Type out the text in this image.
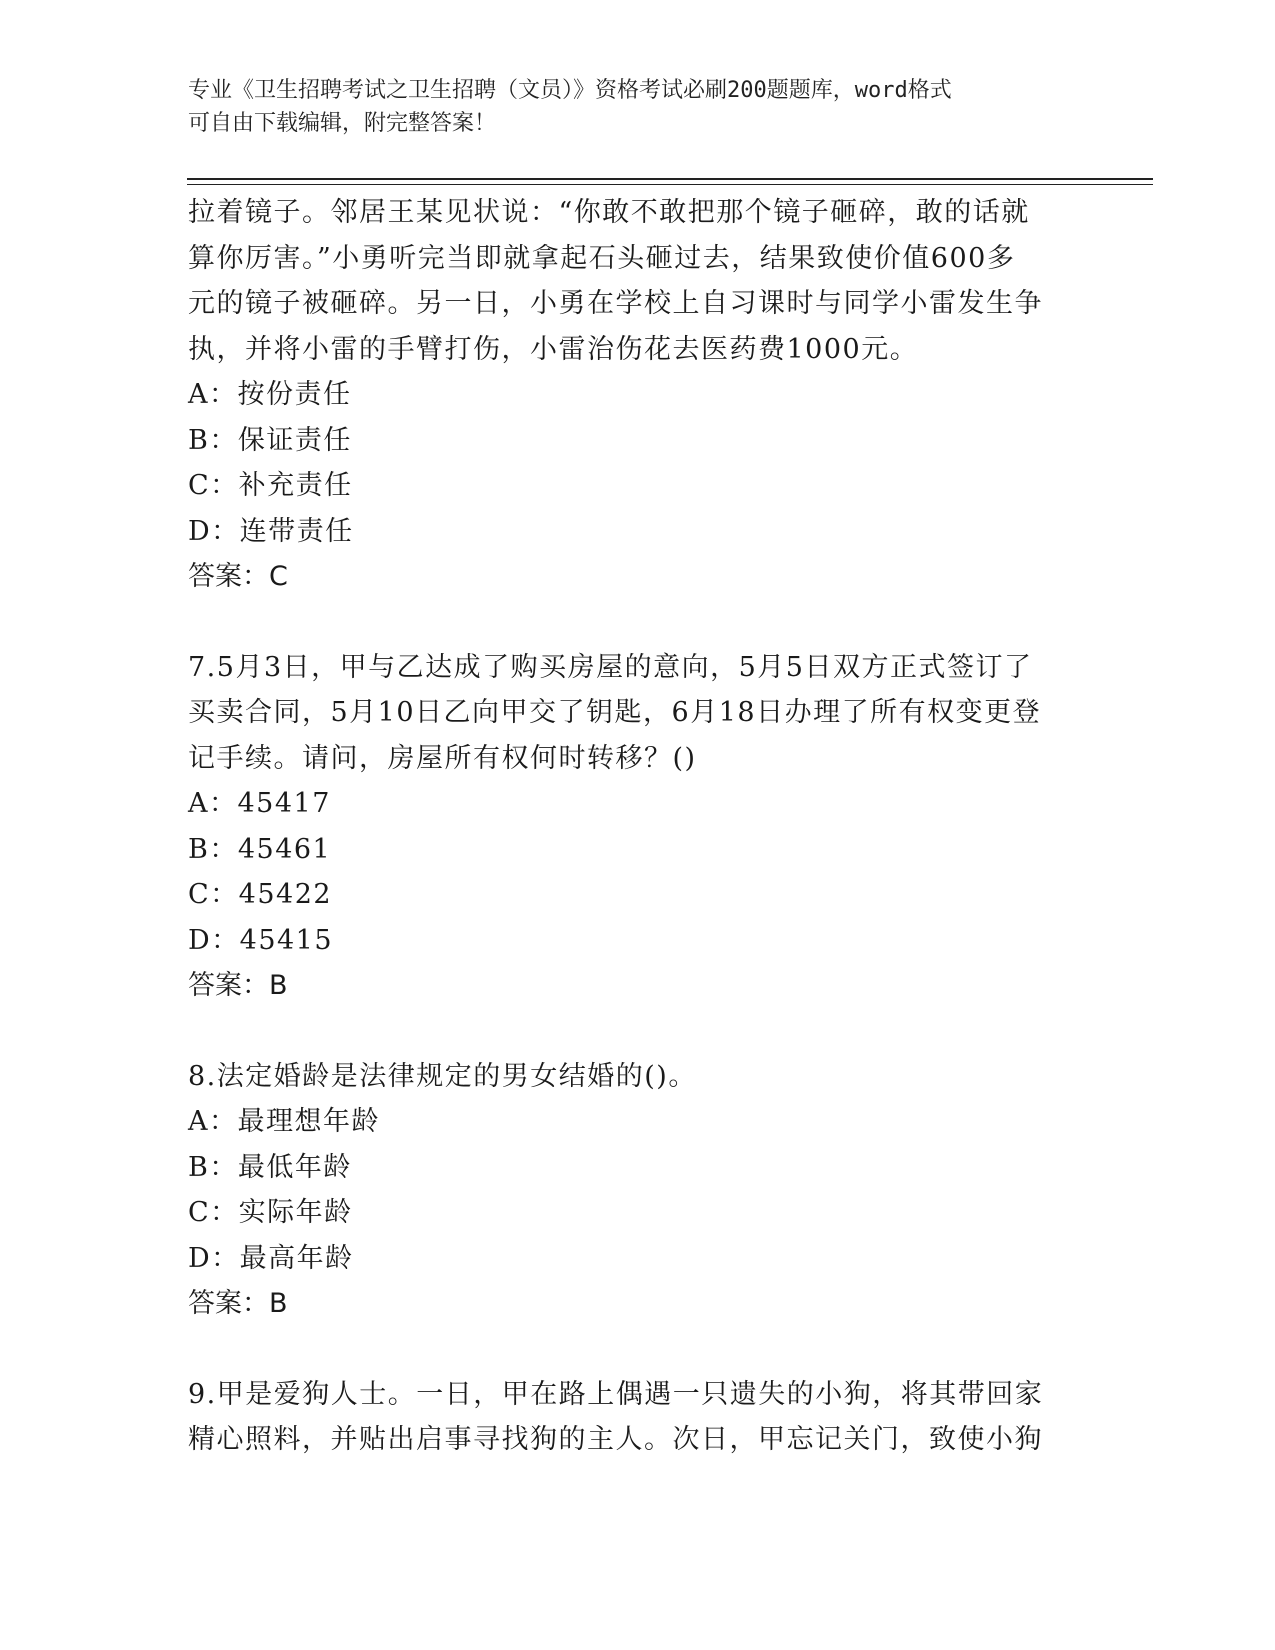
专业《卫生招聘考试之卫生招聘（文员）》资格考试必刷200题题库，word格式
可自由下载编辑，附完整答案！

拉着镜子。邻居王某见状说：“你敢不敢把那个镜子砸碎，敢的话就

算你厉害。”小勇听完当即就拿起石头砸过去，结果致使价值600多

元的镜子被砸碎。另一日，小勇在学校上自习课时与同学小雷发生争

执，并将小雷的手臂打伤，小雷治伤花去医药费1000元。

A：按份责任

B：保证责任

C：补充责任

D：连带责任

答案：C

7.5月3日，甲与乙达成了购买房屋的意向，5月5日双方正式签订了

买卖合同，5月10日乙向甲交了钥匙，6月18日办理了所有权变更登

记手续。请问，房屋所有权何时转移？()

A：45417

B：45461

C：45422

D：45415

答案：B

8.法定婚龄是法律规定的男女结婚的()。

A：最理想年龄

B：最低年龄

C：实际年龄

D：最高年龄

答案：B

9.甲是爱狗人士。一日，甲在路上偶遇一只遗失的小狗，将其带回家

精心照料，并贴出启事寻找狗的主人。次日，甲忘记关门，致使小狗
